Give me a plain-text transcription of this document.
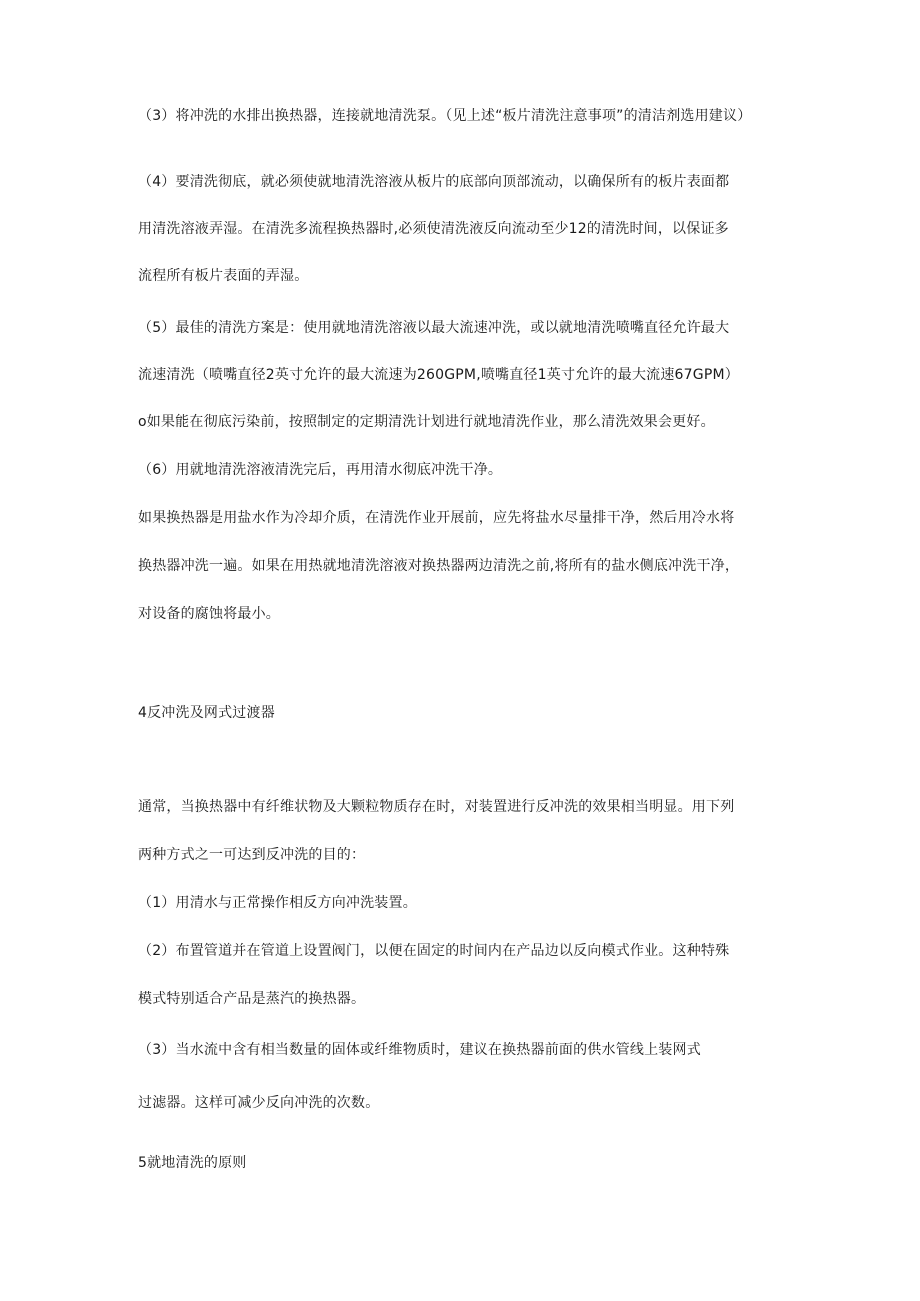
（3）将冲洗的水排出换热器，连接就地清洗泵。（见上述“板片清洗注意事项”的清洁剂选用建议）
（4）要清洗彻底，就必须使就地清洗溶液从板片的底部向顶部流动，以确保所有的板片表面都
用清洗溶液弄湿。在清洗多流程换热器时,必须使清洗液反向流动至少12的清洗时间，以保证多
流程所有板片表面的弄湿。
（5）最佳的清洗方案是：使用就地清洗溶液以最大流速冲洗，或以就地清洗喷嘴直径允许最大
流速清洗（喷嘴直径2英寸允许的最大流速为260GPM,喷嘴直径1英寸允许的最大流速67GPM）
o如果能在彻底污染前，按照制定的定期清洗计划进行就地清洗作业，那么清洗效果会更好。
（6）用就地清洗溶液清洗完后，再用清水彻底冲洗干净。
如果换热器是用盐水作为冷却介质，在清洗作业开展前，应先将盐水尽量排干净，然后用冷水将
换热器冲洗一遍。如果在用热就地清洗溶液对换热器两边清洗之前,将所有的盐水侧底冲洗干净，
对设备的腐蚀将最小。
4反冲洗及网式过渡器
通常，当换热器中有纤维状物及大颗粒物质存在时，对装置进行反冲洗的效果相当明显。用下列
两种方式之一可达到反冲洗的目的：
（1）用清水与正常操作相反方向冲洗装置。
（2）布置管道并在管道上设置阀门，以便在固定的时间内在产品边以反向模式作业。这种特殊
模式特别适合产品是蒸汽的换热器。
（3）当水流中含有相当数量的固体或纤维物质时，建议在换热器前面的供水管线上装网式
过滤器。这样可减少反向冲洗的次数。
5就地清洗的原则
